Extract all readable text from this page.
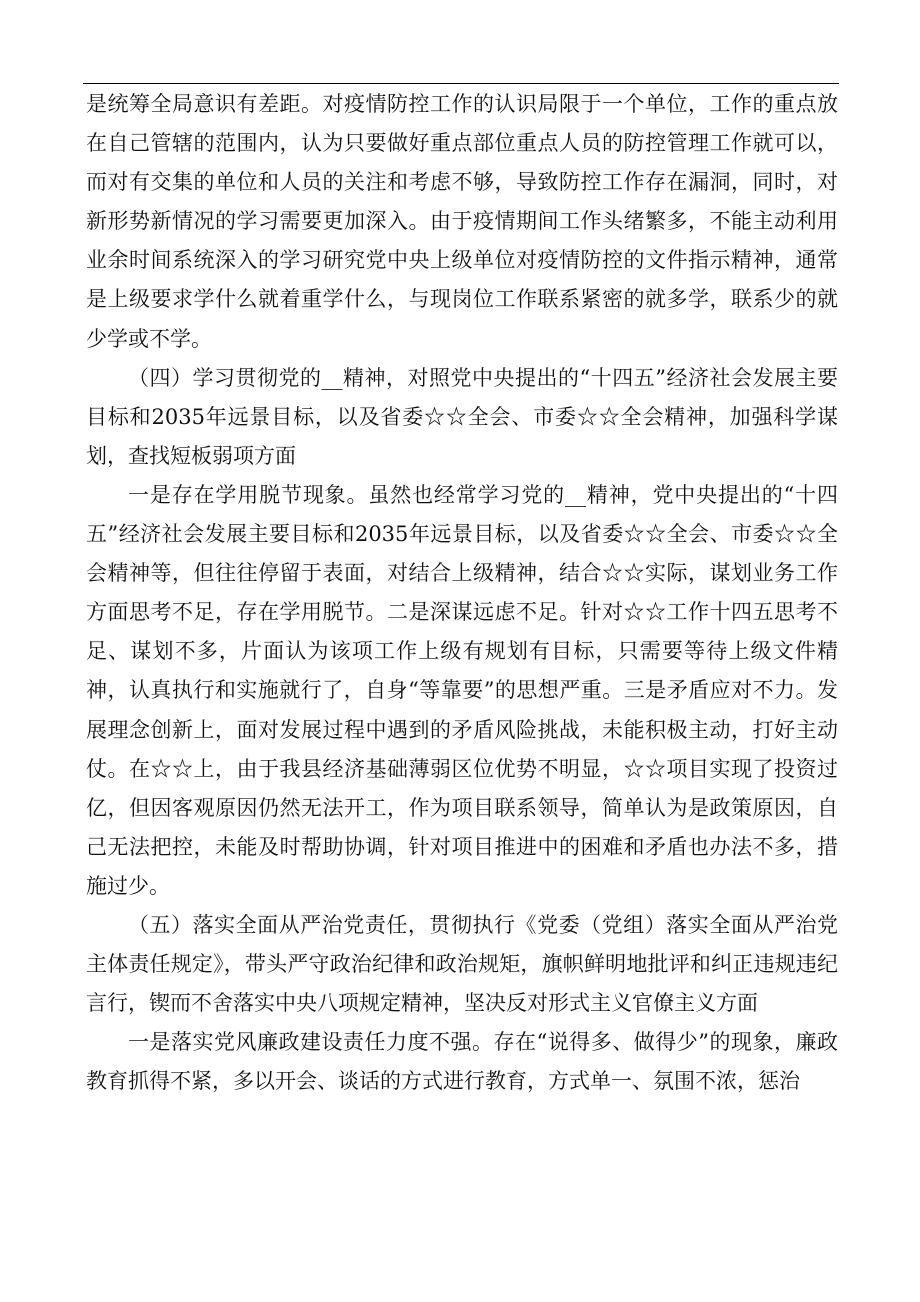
是统筹全局意识有差距。对疫情防控工作的认识局限于一个单位，工作的重点放在自己管辖的范围内，认为只要做好重点部位重点人员的防控管理工作就可以，而对有交集的单位和人员的关注和考虑不够，导致防控工作存在漏洞，同时，对新形势新情况的学习需要更加深入。由于疫情期间工作头绪繁多，不能主动利用业余时间系统深入的学习研究党中央上级单位对疫情防控的文件指示精神，通常是上级要求学什么就着重学什么，与现岗位工作联系紧密的就多学，联系少的就少学或不学。

（四）学习贯彻党的__精神，对照党中央提出的“十四五”经济社会发展主要目标和2035年远景目标，以及省委☆☆全会、市委☆☆全会精神，加强科学谋划，查找短板弱项方面

一是存在学用脱节现象。虽然也经常学习党的__精神，党中央提出的“十四五”经济社会发展主要目标和2035年远景目标，以及省委☆☆全会、市委☆☆全会精神等，但往往停留于表面，对结合上级精神，结合☆☆实际，谋划业务工作方面思考不足，存在学用脱节。二是深谋远虑不足。针对☆☆工作十四五思考不足、谋划不多，片面认为该项工作上级有规划有目标，只需要等待上级文件精神，认真执行和实施就行了，自身“等靠要”的思想严重。三是矛盾应对不力。发展理念创新上，面对发展过程中遇到的矛盾风险挑战，未能积极主动，打好主动仗。在☆☆上，由于我县经济基础薄弱区位优势不明显，☆☆项目实现了投资过亿，但因客观原因仍然无法开工，作为项目联系领导，简单认为是政策原因，自己无法把控，未能及时帮助协调，针对项目推进中的困难和矛盾也办法不多，措施过少。

（五）落实全面从严治党责任，贯彻执行《党委（党组）落实全面从严治党主体责任规定》，带头严守政治纪律和政治规矩，旗帜鲜明地批评和纠正违规违纪言行，锲而不舍落实中央八项规定精神，坚决反对形式主义官僚主义方面

一是落实党风廉政建设责任力度不强。存在“说得多、做得少”的现象，廉政教育抓得不紧，多以开会、谈话的方式进行教育，方式单一、氛围不浓，惩治
